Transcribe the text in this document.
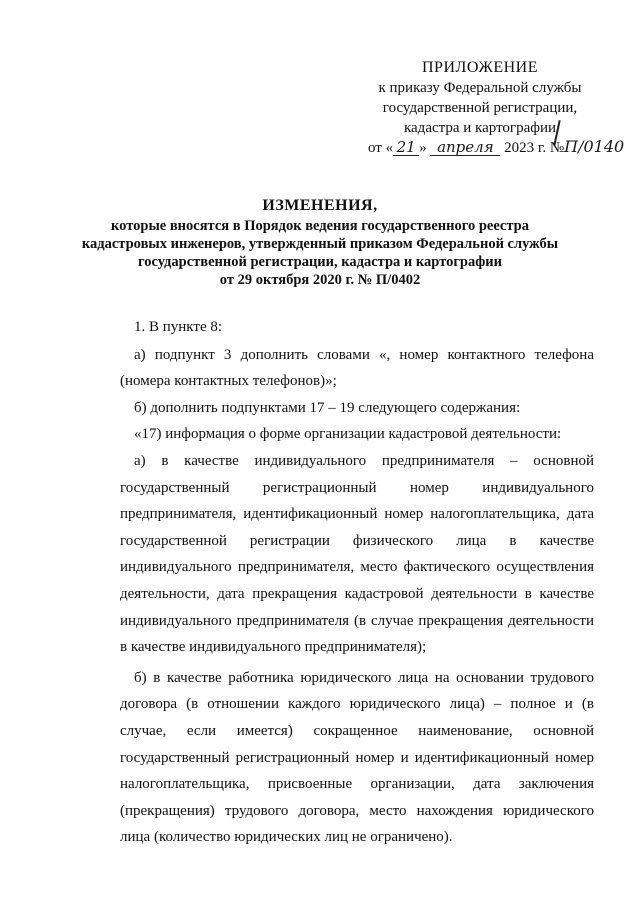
ПРИЛОЖЕНИЕ
к приказу Федеральной службы
государственной регистрации,
кадастра и картографии
от « 21 » апреля 2023 г. №П/0140
ИЗМЕНЕНИЯ,
которые вносятся в Порядок ведения государственного реестра
кадастровых инженеров, утвержденный приказом Федеральной службы
государственной регистрации, кадастра и картографии
от 29 октября 2020 г. № П/0402

1. В пункте 8:

а) подпункт 3 дополнить словами «, номер контактного телефона (номера контактных телефонов)»;

б) дополнить подпунктами 17 – 19 следующего содержания:

«17) информация о форме организации кадастровой деятельности:

а) в качестве индивидуального предпринимателя – основной государственный регистрационный номер индивидуального предпринимателя, идентификационный номер налогоплательщика, дата государственной регистрации физического лица в качестве индивидуального предпринимателя, место фактического осуществления деятельности, дата прекращения кадастровой деятельности в качестве индивидуального предпринимателя (в случае прекращения деятельности в качестве индивидуального предпринимателя);

б) в качестве работника юридического лица на основании трудового договора (в отношении каждого юридического лица) – полное и (в случае, если имеется) сокращенное наименование, основной государственный регистрационный номер и идентификационный номер налогоплательщика, присвоенные организации, дата заключения (прекращения) трудового договора, место нахождения юридического лица (количество юридических лиц не ограничено).
